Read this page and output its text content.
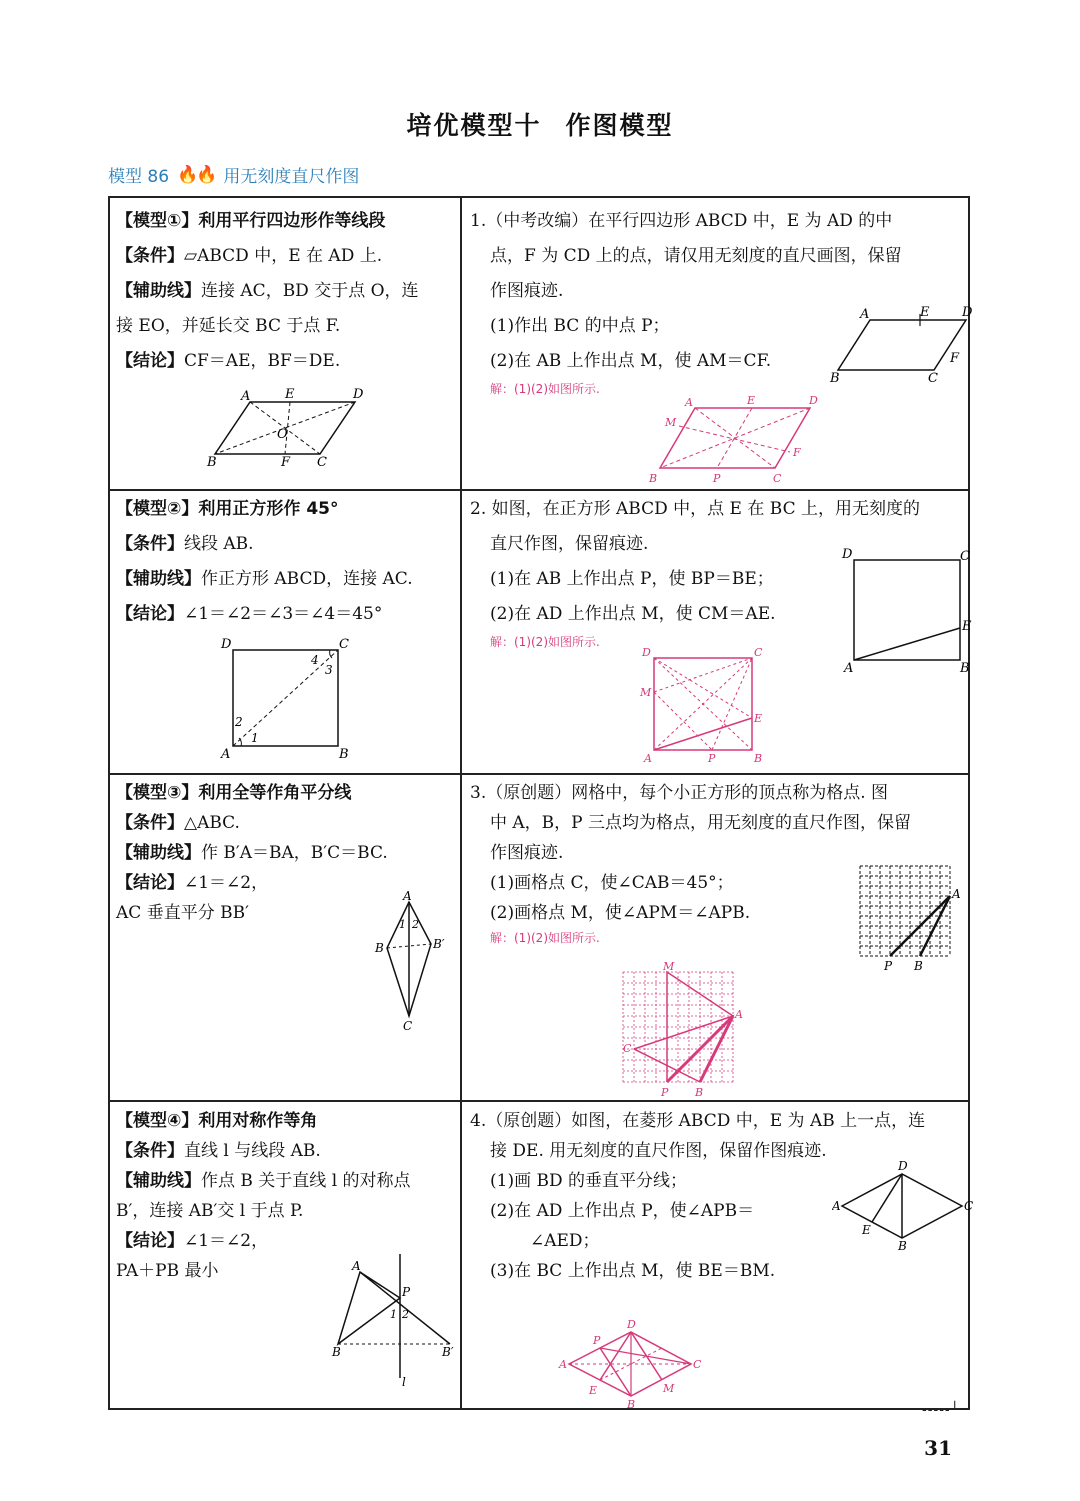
培优模型十 作图模型
模型 86 🔥🔥 用无刻度直尺作图
【模型①】利用平行四边形作等线段
【条件】▱ABCD 中，E 在 AD 上.
【辅助线】连接 AC，BD 交于点 O，连
接 EO，并延长交 BC 于点 F.
【结论】CF＝AE，BF＝DE.
A	D
E
O
B	F C
1.（中考改编）在平行四边形 ABCD 中，E 为 AD 的中
点，F 为 CD 上的点，请仅用无刻度的直尺画图，保留
作图痕迹.
(1)作出 BC 的中点 P；
(2)在 AB 上作出点 M，使 AM＝CF.
解：(1)(2)如图所示.
A	E	D
F
B	C
A	E	D
M
F
B	P	C
【模型②】利用正方形作 45°
【条件】线段 AB.
【辅助线】作正方形 ABCD，连接 AC.
【结论】∠1＝∠2＝∠3＝∠4＝45°
D	C
A	B
2
1
4
3
2. 如图，在正方形 ABCD 中，点 E 在 BC 上，用无刻度的
直尺作图，保留痕迹.
(1)在 AB 上作出点 P，使 BP＝BE；
(2)在 AD 上作出点 M，使 CM＝AE.
解：(1)(2)如图所示.
D	C
E
A	B
D	C
M
E
A	P	B
【模型③】利用全等作角平分线
【条件】△ABC.
【辅助线】作 B′A＝BA，B′C＝BC.
【结论】∠1＝∠2，
AC 垂直平分 BB′
A
1 2
B	B′
C
3.（原创题）网格中，每个小正方形的顶点称为格点. 图
中 A，B，P 三点均为格点，用无刻度的直尺作图，保留
作图痕迹.
(1)画格点 C，使∠CAB＝45°；
(2)画格点 M，使∠APM＝∠APB.
解：(1)(2)如图所示.
A
P B
M
A
C
P B
【模型④】利用对称作等角
【条件】直线 l 与线段 AB.
【辅助线】作点 B 关于直线 l 的对称点
B′，连接 AB′交 l 于点 P.
【结论】∠1＝∠2，
PA＋PB 最小	A
P
1 2
B	B′
l
4.（原创题）如图，在菱形 ABCD 中，E 为 AB 上一点，连
接 DE. 用无刻度的直尺作图，保留作图痕迹.
(1)画 BD 的垂直平分线；
(2)在 AD 上作出点 P，使∠APB＝
∠AED；
(3)在 BC 上作出点 M，使 BE＝BM.
D
A	C
E
B
D
P
A	C
E	M
B	-----┘
31
